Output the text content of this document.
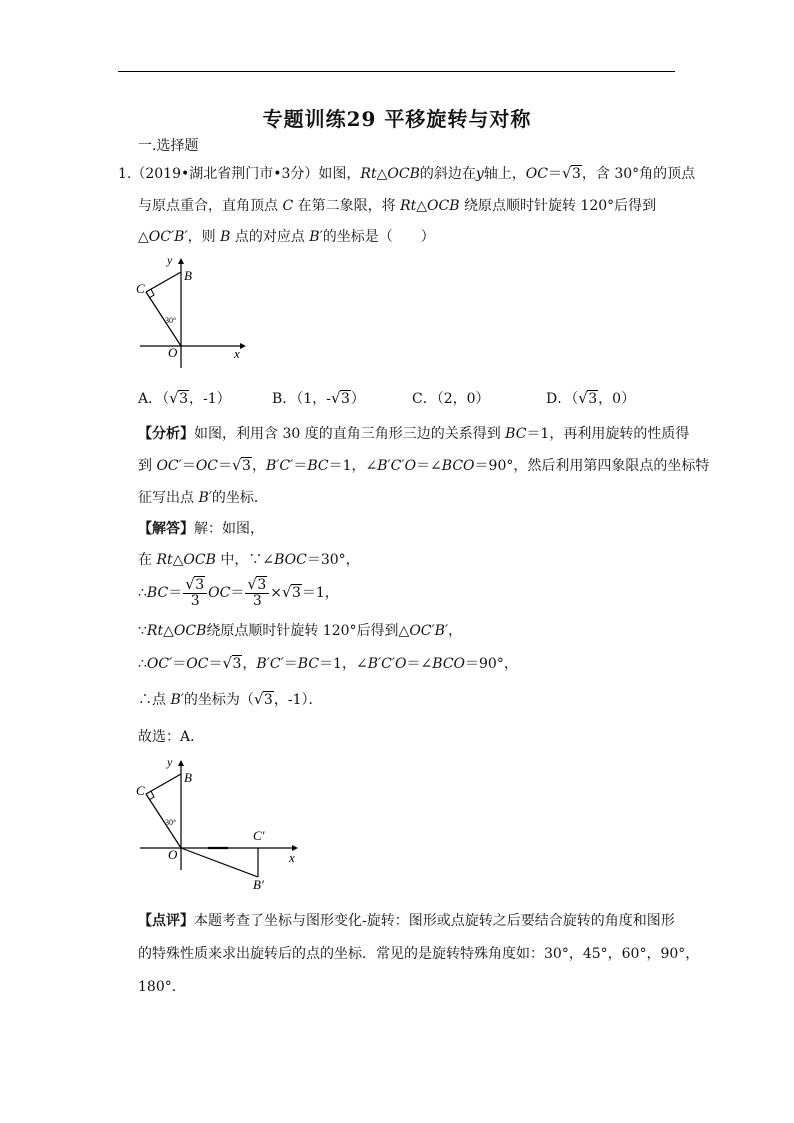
专题训练29 平移旋转与对称
一.选择题
1.（2019•湖北省荆门市•3分）如图，Rt△OCB的斜边在y轴上，OC＝ √ 3，含 30°角的顶点
与原点重合，直角顶点 C 在第二象限，将 Rt△OCB 绕原点顺时针旋转 120°后得到
△OC′B′，则 B 点的对应点 B′的坐标是（　　）
y
B
C
30°
O	x
A．（ √ 3，-1）	B．（1，- √ 3）	C．（2，0）	D．（ √ 3，0）
【分析】如图，利用含 30 度的直角三角形三边的关系得到 BC＝1，再利用旋转的性质得
到 OC′＝OC＝ √ 3，B′C′＝BC＝1，∠B′C′O＝∠BCO＝90°，然后利用第四象限点的坐标特
征写出点 B′的坐标．
【解答】解：如图，
在 Rt△OCB 中，∵∠BOC＝30°，
∴BC＝ √ $\frac{3}{3} OC=$ √ $\frac{3}{3}$ × √ 3＝1，
∵Rt△OCB绕原点顺时针旋转 120°后得到△OC′B′，
∴OC′＝OC＝ √ 3，B′C′＝BC＝1，∠B′C′O＝∠BCO＝90°，
∴点 B′的坐标为（ √ 3，-1）．
故选：A．
y
B
C
30°
O
C′
x
B′
【点评】本题考查了坐标与图形变化-旋转：图形或点旋转之后要结合旋转的角度和图形
的特殊性质来求出旋转后的点的坐标．常见的是旋转特殊角度如：30°，45°，60°，90°，
180°．
